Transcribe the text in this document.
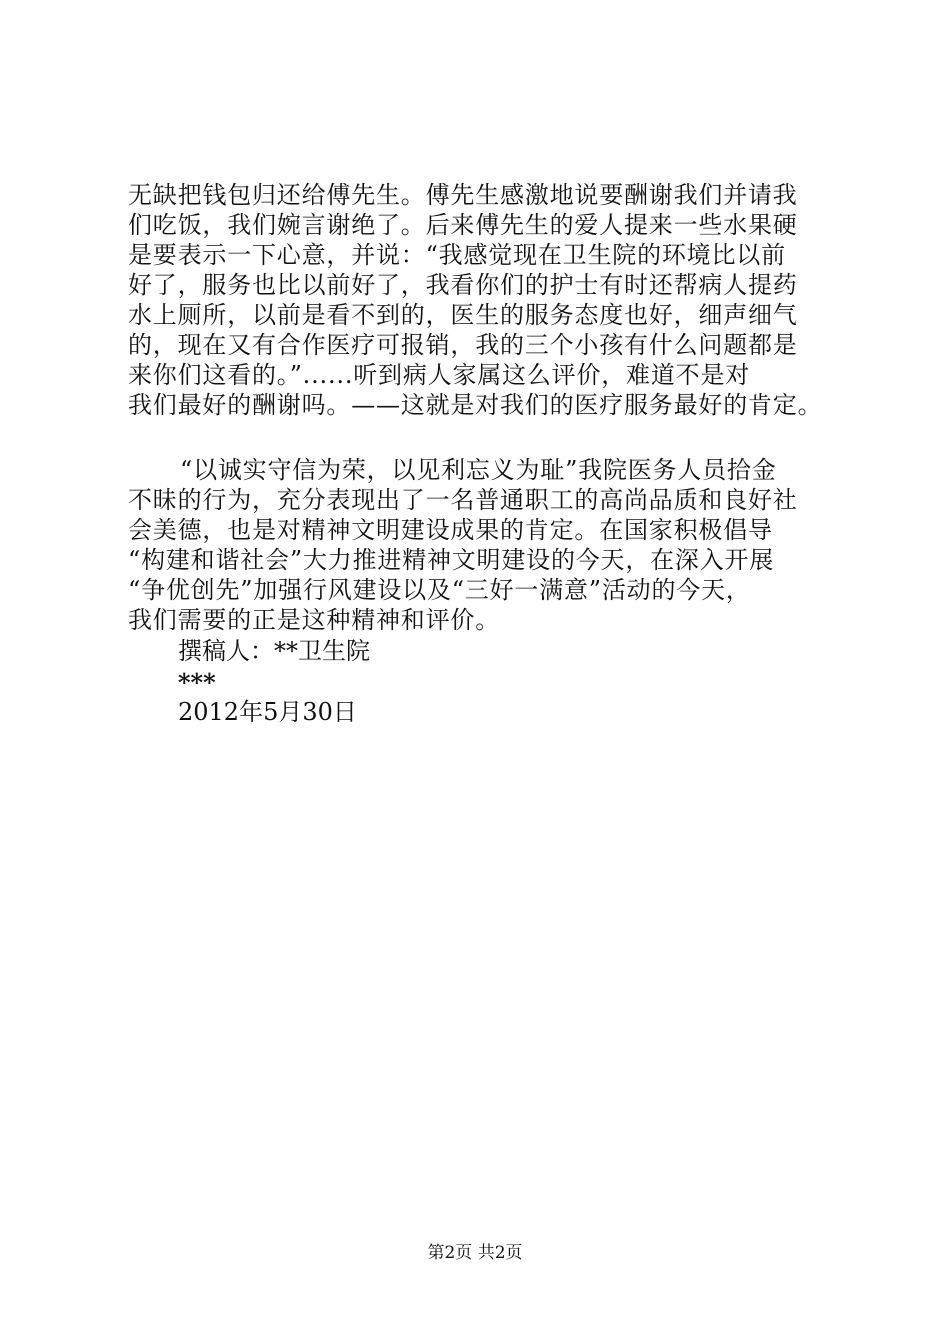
无缺把钱包归还给傅先生。傅先生感激地说要酬谢我们并请我
们吃饭，我们婉言谢绝了。后来傅先生的爱人提来一些水果硬
是要表示一下心意，并说：“我感觉现在卫生院的环境比以前
好了，服务也比以前好了，我看你们的护士有时还帮病人提药
水上厕所，以前是看不到的，医生的服务态度也好，细声细气
的，现在又有合作医疗可报销，我的三个小孩有什么问题都是
来你们这看的。”......听到病人家属这么评价，难道不是对
我们最好的酬谢吗。——这就是对我们的医疗服务最好的肯定。
“以诚实守信为荣，以见利忘义为耻”我院医务人员拾金
不昧的行为，充分表现出了一名普通职工的高尚品质和良好社
会美德，也是对精神文明建设成果的肯定。在国家积极倡导
“构建和谐社会”大力推进精神文明建设的今天，在深入开展
“争优创先”加强行风建设以及“三好一满意”活动的今天，
我们需要的正是这种精神和评价。
撰稿人：**卫生院
***
2012年5月30日
第2页 共2页
